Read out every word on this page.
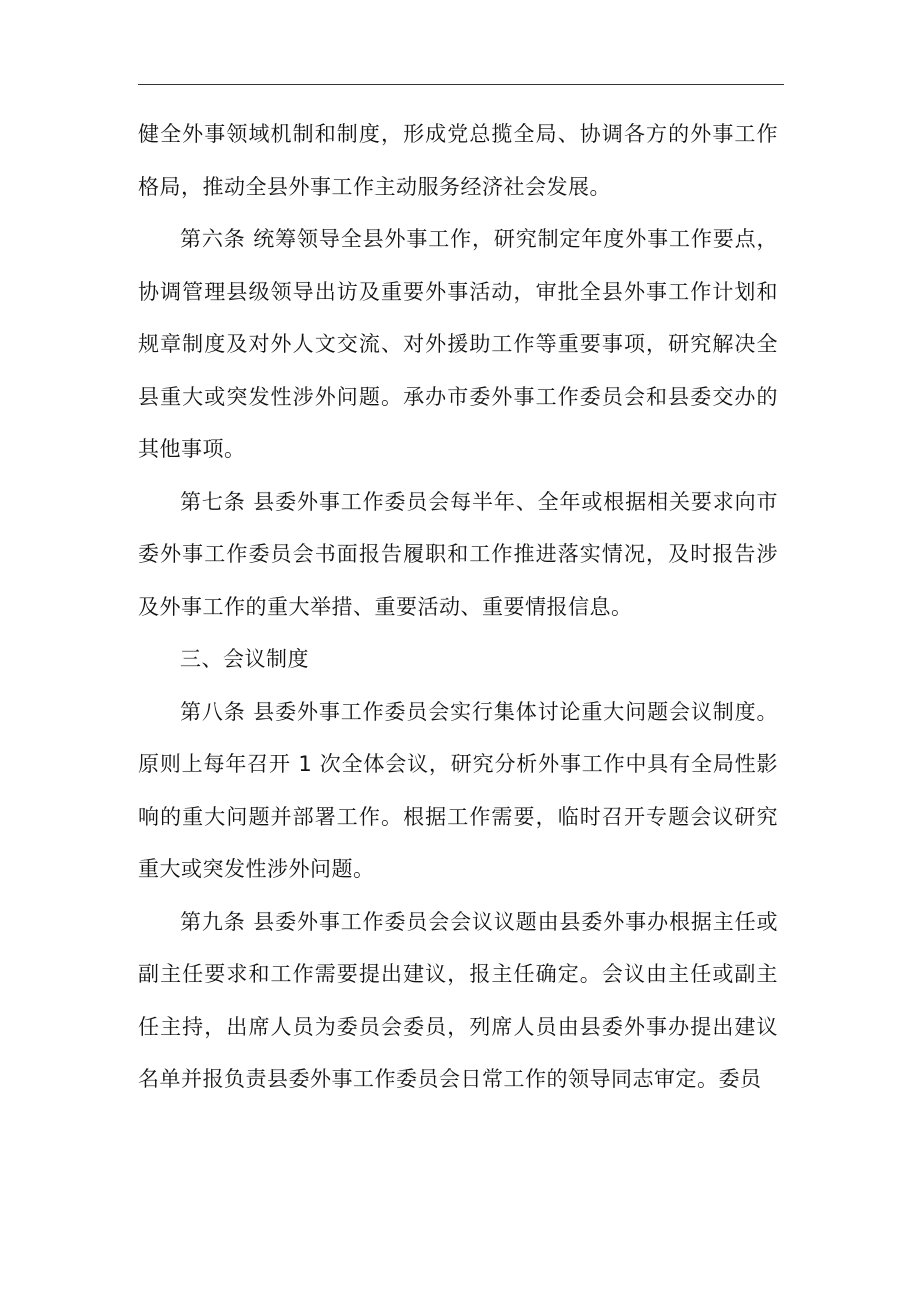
健全外事领域机制和制度，形成党总揽全局、协调各方的外事工作格局，推动全县外事工作主动服务经济社会发展。

第六条 统筹领导全县外事工作，研究制定年度外事工作要点，协调管理县级领导出访及重要外事活动，审批全县外事工作计划和规章制度及对外人文交流、对外援助工作等重要事项，研究解决全县重大或突发性涉外问题。承办市委外事工作委员会和县委交办的其他事项。

第七条 县委外事工作委员会每半年、全年或根据相关要求向市委外事工作委员会书面报告履职和工作推进落实情况，及时报告涉及外事工作的重大举措、重要活动、重要情报信息。

三、会议制度

第八条 县委外事工作委员会实行集体讨论重大问题会议制度。原则上每年召开 1 次全体会议，研究分析外事工作中具有全局性影响的重大问题并部署工作。根据工作需要，临时召开专题会议研究重大或突发性涉外问题。

第九条 县委外事工作委员会会议议题由县委外事办根据主任或副主任要求和工作需要提出建议，报主任确定。会议由主任或副主任主持，出席人员为委员会委员，列席人员由县委外事办提出建议名单并报负责县委外事工作委员会日常工作的领导同志审定。委员
